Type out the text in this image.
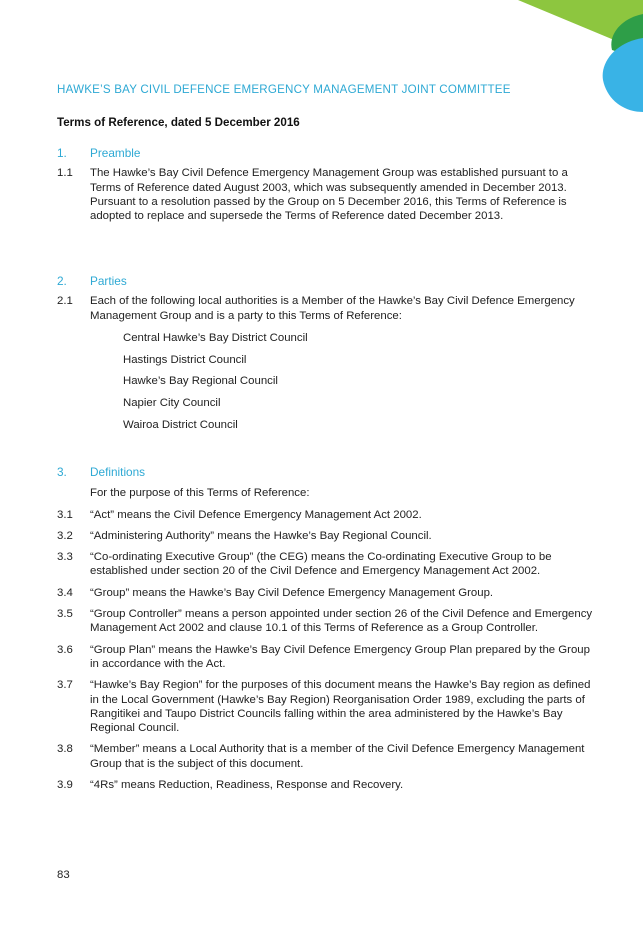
HAWKE’S BAY CIVIL DEFENCE EMERGENCY MANAGEMENT JOINT COMMITTEE
Terms of Reference, dated 5 December 2016
1.	Preamble
1.1	The Hawke’s Bay Civil Defence Emergency Management Group was established pursuant to a Terms of Reference dated August 2003, which was subsequently amended in December 2013. Pursuant to a resolution passed by the Group on 5 December 2016, this Terms of Reference is adopted to replace and supersede the Terms of Reference dated December 2013.
2.	Parties
2.1	Each of the following local authorities is a Member of the Hawke’s Bay Civil Defence Emergency Management Group and is a party to this Terms of Reference:
Central Hawke’s Bay District Council
Hastings District Council
Hawke’s Bay Regional Council
Napier City Council
Wairoa District Council
3.	Definitions
For the purpose of this Terms of Reference:
3.1	“Act” means the Civil Defence Emergency Management Act 2002.
3.2	“Administering Authority” means the Hawke’s Bay Regional Council.
3.3	“Co-ordinating Executive Group” (the CEG) means the Co-ordinating Executive Group to be established under section 20 of the Civil Defence and Emergency Management Act 2002.
3.4	“Group” means the Hawke’s Bay Civil Defence Emergency Management Group.
3.5	“Group Controller” means a person appointed under section 26 of the Civil Defence and Emergency Management Act 2002 and clause 10.1 of this Terms of Reference as a Group Controller.
3.6	“Group Plan” means the Hawke’s Bay Civil Defence Emergency Group Plan prepared by the Group in accordance with the Act.
3.7	“Hawke’s Bay Region” for the purposes of this document means the Hawke’s Bay region as defined in the Local Government (Hawke’s Bay Region) Reorganisation Order 1989, excluding the parts of Rangitikei and Taupo District Councils falling within the area administered by the Hawke’s Bay Regional Council.
3.8	“Member” means a Local Authority that is a member of the Civil Defence Emergency Management Group that is the subject of this document.
3.9	“4Rs” means Reduction, Readiness, Response and Recovery.
83
